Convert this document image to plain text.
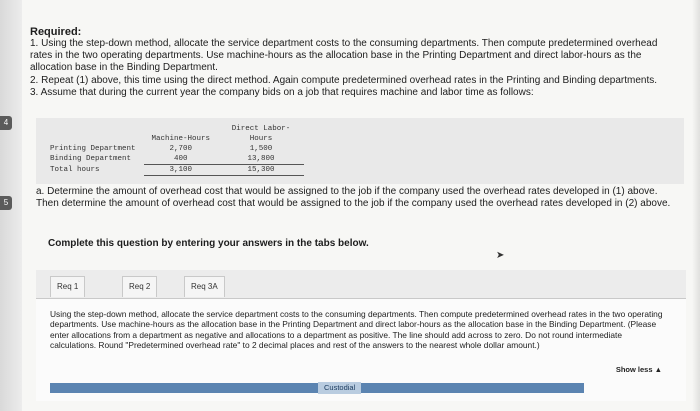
4
5
Required:
1. Using the step-down method, allocate the service department costs to the consuming departments. Then compute predetermined overhead rates in the two operating departments. Use machine-hours as the allocation base in the Printing Department and direct labor-hours as the allocation base in the Binding Department.
2. Repeat (1) above, this time using the direct method. Again compute predetermined overhead rates in the Printing and Binding departments.
3. Assume that during the current year the company bids on a job that requires machine and labor time as follows:
	Machine-Hours	Direct Labor-Hours
Printing Department	2,700	1,500
Binding Department	400	13,800
Total hours	3,100	15,300
a. Determine the amount of overhead cost that would be assigned to the job if the company used the overhead rates developed in (1) above. Then determine the amount of overhead cost that would be assigned to the job if the company used the overhead rates developed in (2) above.
Complete this question by entering your answers in the tabs below.
➤
Req 1	Req 2	Req 3A
Using the step-down method, allocate the service department costs to the consuming departments. Then compute predetermined overhead rates in the two operating departments. Use machine-hours as the allocation base in the Printing Department and direct labor-hours as the allocation base in the Binding Department. (Please enter allocations from a department as negative and allocations to a department as positive. The line should add across to zero. Do not round intermediate calculations. Round "Predetermined overhead rate" to 2 decimal places and rest of the answers to the nearest whole dollar amount.)
Show less ▲
Custodial
